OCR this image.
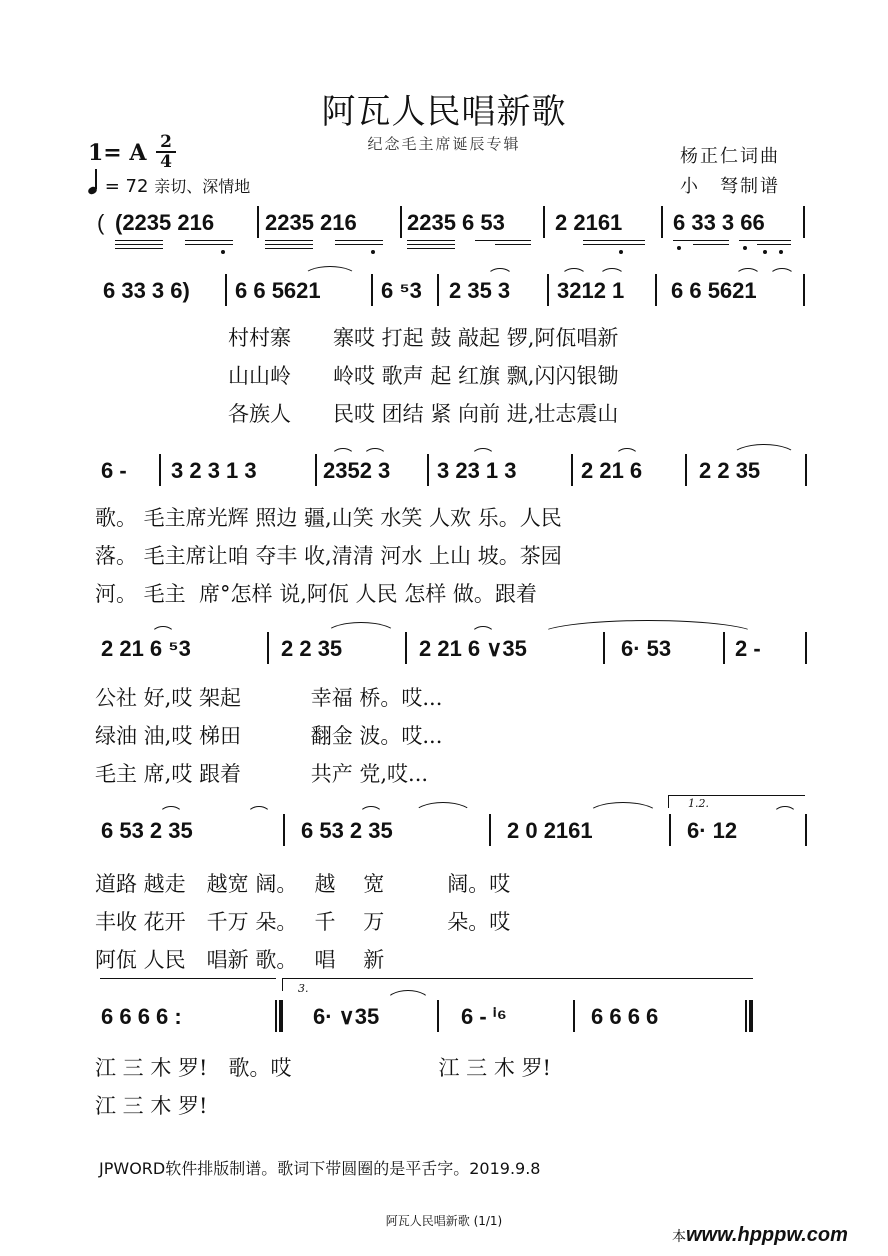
阿瓦人民唱新歌
纪念毛主席诞辰专辑
1= A 2
4
= 72 亲切、深情地
杨正仁词曲
小　弩制谱
( (2235 216 2235 216 2235 6 53 2 2161 6 33 3 66
6 33 3 6) 6 6 5621	6 ⁵3 2 35 3 3212 1 6 6 5621
村村寨　　寨哎 打起 鼓 敲起 锣,阿佤唱新
山山岭　　岭哎 歌声 起 红旗 飘,闪闪银锄
各族人　　民哎 团结 紧 向前 进,壮志震山
6 - 3 2 3 1 3	2352 3 3 23 1 3	2 21 6	2 2 35
歌。 毛主席光辉 照边 疆,山笑 水笑 人欢 乐。人民
落。 毛主席让咱 夺丰 收,清清 河水 上山 坡。茶园
河。 毛主  席°怎样 说,阿佤 人民 怎样 做。跟着
2 21 6 ⁵3	2 2 35	2 21 6 ∨35	6· 53	2 -
公社 好,哎 架起　　　 幸福 桥。哎...
绿油 油,哎 梯田　　　 翻金 波。哎...
毛主 席,哎 跟着　　　 共产 党,哎...
1.2.
6 53 2 35	6 53 2 35	2 0 2161	6· 12
道路 越走　越宽 阔。　 越　 宽　　　阔。哎
丰收 花开　千万 朵。　 千　 万　　　朵。哎
阿佤 人民　唱新 歌。　 唱　 新
3.
6 6 6 6 :	6· ∨35	6 - ⁱ⁶	6 6 6 6
江 三 木 罗!　歌。哎　　　　　　　江 三 木 罗!
江 三 木 罗!
JPWORD软件排版制谱。歌词下带圆圈的是平舌字。2019.9.8
阿瓦人民唱新歌 (1/1)
本www.hpppw.com
